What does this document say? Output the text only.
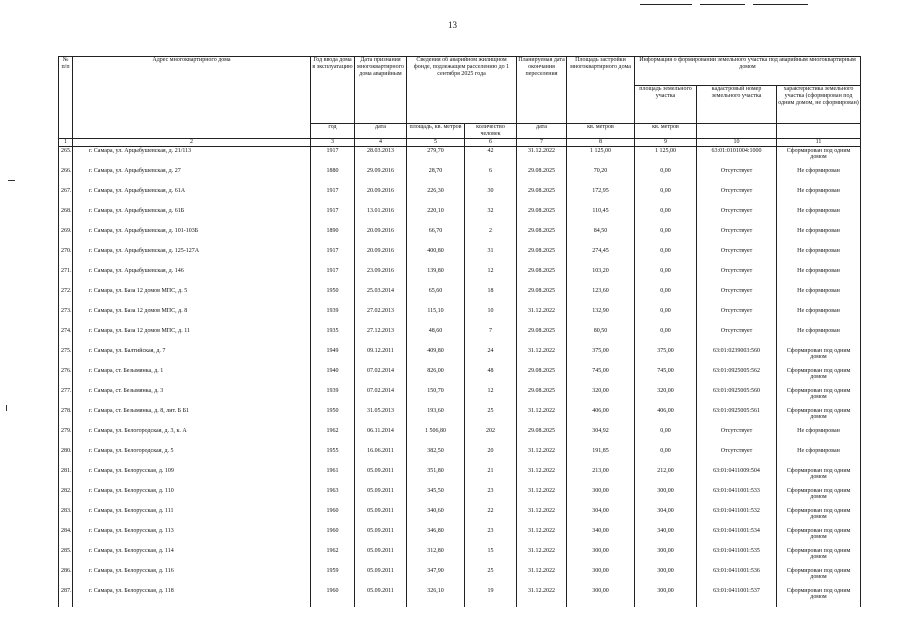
13
№ п/п	Адрес многоквартирного дома	Год ввода дома в эксплуатацию	Дата признания многоквартирного дома аварийным	Сведения об аварийном жилищном фонде, подлежащем расселению до 1 сентября 2025 года		Планируемая дата окончания переселения	Площадь застройки многоквартирного дома	Информация о формировании земельного участка под аварийным многоквартирным домом		
								площадь земельного участка	кадастровый номер земельного участка	характеристика земельного участка (сформирован под одним домом, не сформирован)
		год	дата	площадь, кв. метров	количество человек	дата	кв. метров	кв. метров		
1	2	3	4	5	6	7	8	9	10	11
265.	г. Самара, ул. Арцыбушевская, д. 21/113	1917	28.03.2013	279,70	42	31.12.2022	1 125,00	1 125,00	63:01:0101004:1000	Сформирован под одним домом
266.	г. Самара, ул. Арцыбушевская, д. 27	1880	29.09.2016	28,70	6	29.08.2025	70,20	0,00	Отсутствует	Не сформирован
267.	г. Самара, ул. Арцыбушевская, д. 61А	1917	20.09.2016	226,30	30	29.08.2025	172,95	0,00	Отсутствует	Не сформирован
268.	г. Самара, ул. Арцыбушевская, д. 61Б	1917	13.01.2016	220,10	32	29.08.2025	110,45	0,00	Отсутствует	Не сформирован
269.	г. Самара, ул. Арцыбушевская, д. 101-103Б	1890	20.09.2016	66,70	2	29.08.2025	84,50	0,00	Отсутствует	Не сформирован
270.	г. Самара, ул. Арцыбушевская, д. 125-127А	1917	20.09.2016	400,80	31	29.08.2025	274,45	0,00	Отсутствует	Не сформирован
271.	г. Самара, ул. Арцыбушевская, д. 146	1917	23.09.2016	139,80	12	29.08.2025	103,20	0,00	Отсутствует	Не сформирован
272.	г. Самара, ул. База 12 домов МПС, д. 5	1950	25.03.2014	65,60	18	29.08.2025	123,60	0,00	Отсутствует	Не сформирован
273.	г. Самара, ул. База 12 домов МПС, д. 8	1939	27.02.2013	115,10	10	31.12.2022	132,90	0,00	Отсутствует	Не сформирован
274.	г. Самара, ул. База 12 домов МПС, д. 11	1935	27.12.2013	48,60	7	29.08.2025	80,50	0,00	Отсутствует	Не сформирован
275.	г. Самара, ул. Балтийская, д. 7	1949	09.12.2011	409,80	24	31.12.2022	375,00	375,00	63:01:0239003:560	Сформирован под одним домом
276.	г. Самара, ст. Безымянка, д. 1	1940	07.02.2014	826,00	48	29.08.2025	745,00	745,00	63:01:0925005:562	Сформирован под одним домом
277.	г. Самара, ст. Безымянка, д. 3	1939	07.02.2014	150,70	12	29.08.2025	320,00	320,00	63:01:0925005:560	Сформирован под одним домом
278.	г. Самара, ст. Безымянка, д. 8, лит. Б Б1	1950	31.05.2013	193,60	25	31.12.2022	406,00	406,00	63:01:0925005:561	Сформирован под одним домом
279.	г. Самара, ул. Белогородская, д. 3, к. А	1962	06.11.2014	1 506,80	202	29.08.2025	304,92	0,00	Отсутствует	Не сформирован
280.	г. Самара, ул. Белогородская, д. 5	1955	16.06.2011	382,50	20	31.12.2022	191,85	0,00	Отсутствует	Не сформирован
281.	г. Самара, ул. Белорусская, д. 109	1961	05.09.2011	351,80	21	31.12.2022	213,00	212,00	63:01:0411009:504	Сформирован под одним домом
282.	г. Самара, ул. Белорусская, д. 110	1963	05.09.2011	345,50	23	31.12.2022	300,00	300,00	63:01:0411001:533	Сформирован под одним домом
283.	г. Самара, ул. Белорусская, д. 111	1960	05.09.2011	340,60	22	31.12.2022	304,00	304,00	63:01:0411001:532	Сформирован под одним домом
284.	г. Самара, ул. Белорусская, д. 113	1960	05.09.2011	346,80	23	31.12.2022	340,00	340,00	63:01:0411001:534	Сформирован под одним домом
285.	г. Самара, ул. Белорусская, д. 114	1962	05.09.2011	312,80	15	31.12.2022	300,00	300,00	63:01:0411001:535	Сформирован под одним домом
286.	г. Самара, ул. Белорусская, д. 116	1959	05.09.2011	347,90	25	31.12.2022	300,00	300,00	63:01:0411001:536	Сформирован под одним домом
287.	г. Самара, ул. Белорусская, д. 118	1960	05.09.2011	326,10	19	31.12.2022	300,00	300,00	63:01:0411001:537	Сформирован под одним домом
